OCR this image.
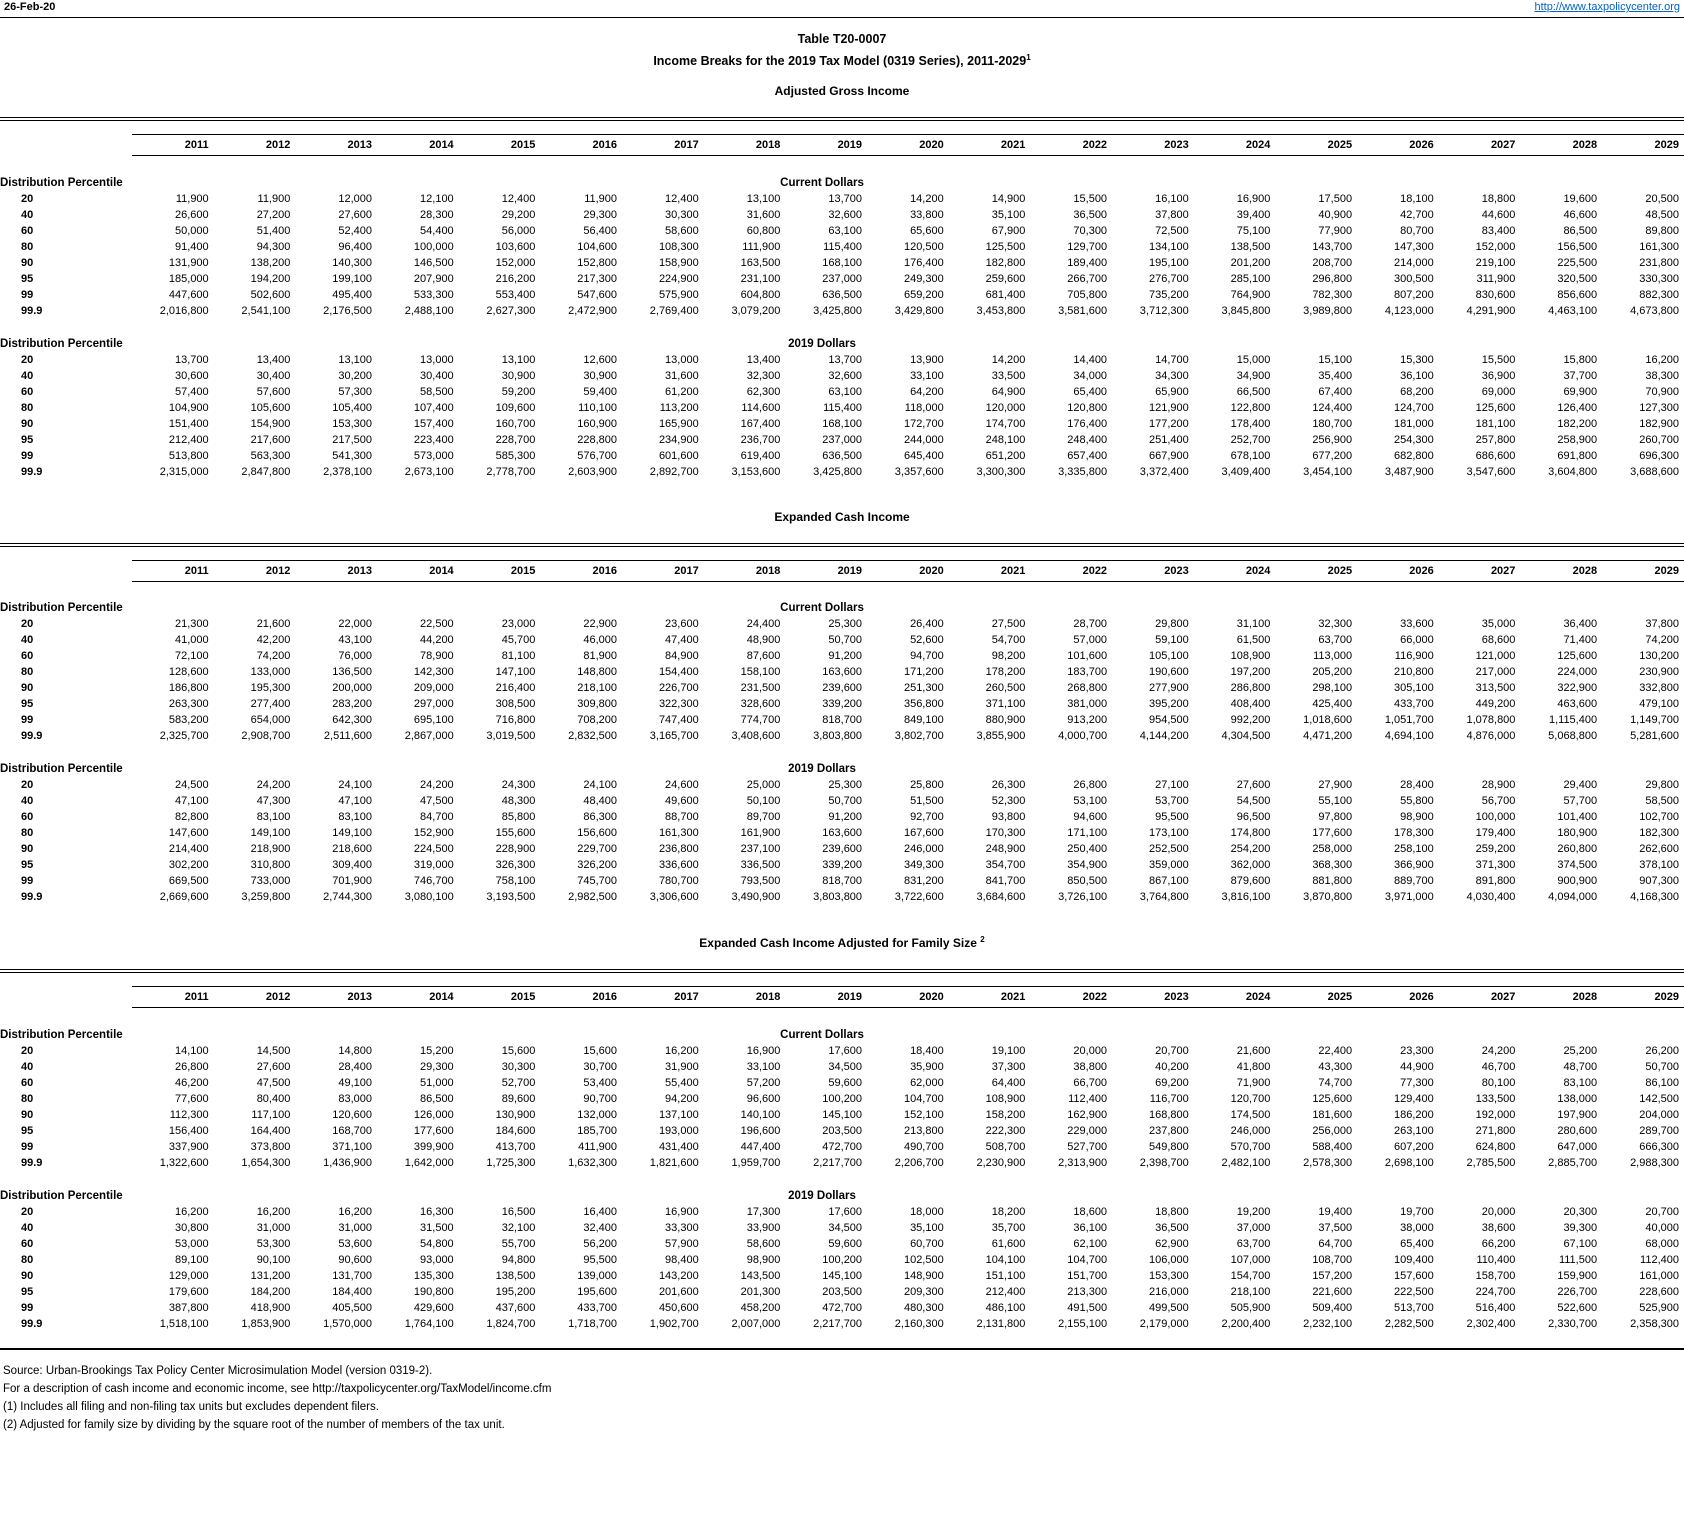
26-Feb-20	http://www.taxpolicycenter.org
Table T20-0007
Income Breaks for the 2019 Tax Model (0319 Series), 2011-2029$^1$
Adjusted Gross Income
	2011	2012	2013	2014	2015	2016	2017	2018	2019	2020	2021	2022	2023	2024	2025	2026	2027	2028	2029

Distribution Percentile	Current Dollars																		

20	11,900	11,900	12,000	12,100	12,400	11,900	12,400	13,100	13,700	14,200	14,900	15,500	16,100	16,900	17,500	18,100	18,800	19,600	20,500
40	26,600	27,200	27,600	28,300	29,200	29,300	30,300	31,600	32,600	33,800	35,100	36,500	37,800	39,400	40,900	42,700	44,600	46,600	48,500
60	50,000	51,400	52,400	54,400	56,000	56,400	58,600	60,800	63,100	65,600	67,900	70,300	72,500	75,100	77,900	80,700	83,400	86,500	89,800
80	91,400	94,300	96,400	100,000	103,600	104,600	108,300	111,900	115,400	120,500	125,500	129,700	134,100	138,500	143,700	147,300	152,000	156,500	161,300
90	131,900	138,200	140,300	146,500	152,000	152,800	158,900	163,500	168,100	176,400	182,800	189,400	195,100	201,200	208,700	214,000	219,100	225,500	231,800
95	185,000	194,200	199,100	207,900	216,200	217,300	224,900	231,100	237,000	249,300	259,600	266,700	276,700	285,100	296,800	300,500	311,900	320,500	330,300
99	447,600	502,600	495,400	533,300	553,400	547,600	575,900	604,800	636,500	659,200	681,400	705,800	735,200	764,900	782,300	807,200	830,600	856,600	882,300
99.9	2,016,800	2,541,100	2,176,500	2,488,100	2,627,300	2,472,900	2,769,400	3,079,200	3,425,800	3,429,800	3,453,800	3,581,600	3,712,300	3,845,800	3,989,800	4,123,000	4,291,900	4,463,100	4,673,800

Distribution Percentile	2019 Dollars																		

20	13,700	13,400	13,100	13,000	13,100	12,600	13,000	13,400	13,700	13,900	14,200	14,400	14,700	15,000	15,100	15,300	15,500	15,800	16,200
40	30,600	30,400	30,200	30,400	30,900	30,900	31,600	32,300	32,600	33,100	33,500	34,000	34,300	34,900	35,400	36,100	36,900	37,700	38,300
60	57,400	57,600	57,300	58,500	59,200	59,400	61,200	62,300	63,100	64,200	64,900	65,400	65,900	66,500	67,400	68,200	69,000	69,900	70,900
80	104,900	105,600	105,400	107,400	109,600	110,100	113,200	114,600	115,400	118,000	120,000	120,800	121,900	122,800	124,400	124,700	125,600	126,400	127,300
90	151,400	154,900	153,300	157,400	160,700	160,900	165,900	167,400	168,100	172,700	174,700	176,400	177,200	178,400	180,700	181,000	181,100	182,200	182,900
95	212,400	217,600	217,500	223,400	228,700	228,800	234,900	236,700	237,000	244,000	248,100	248,400	251,400	252,700	256,900	254,300	257,800	258,900	260,700
99	513,800	563,300	541,300	573,000	585,300	576,700	601,600	619,400	636,500	645,400	651,200	657,400	667,900	678,100	677,200	682,800	686,600	691,800	696,300
99.9	2,315,000	2,847,800	2,378,100	2,673,100	2,778,700	2,603,900	2,892,700	3,153,600	3,425,800	3,357,600	3,300,300	3,335,800	3,372,400	3,409,400	3,454,100	3,487,900	3,547,600	3,604,800	3,688,600
Expanded Cash Income
	2011	2012	2013	2014	2015	2016	2017	2018	2019	2020	2021	2022	2023	2024	2025	2026	2027	2028	2029

Distribution Percentile	Current Dollars																		

20	21,300	21,600	22,000	22,500	23,000	22,900	23,600	24,400	25,300	26,400	27,500	28,700	29,800	31,100	32,300	33,600	35,000	36,400	37,800
40	41,000	42,200	43,100	44,200	45,700	46,000	47,400	48,900	50,700	52,600	54,700	57,000	59,100	61,500	63,700	66,000	68,600	71,400	74,200
60	72,100	74,200	76,000	78,900	81,100	81,900	84,900	87,600	91,200	94,700	98,200	101,600	105,100	108,900	113,000	116,900	121,000	125,600	130,200
80	128,600	133,000	136,500	142,300	147,100	148,800	154,400	158,100	163,600	171,200	178,200	183,700	190,600	197,200	205,200	210,800	217,000	224,000	230,900
90	186,800	195,300	200,000	209,000	216,400	218,100	226,700	231,500	239,600	251,300	260,500	268,800	277,900	286,800	298,100	305,100	313,500	322,900	332,800
95	263,300	277,400	283,200	297,000	308,500	309,800	322,300	328,600	339,200	356,800	371,100	381,000	395,200	408,400	425,400	433,700	449,200	463,600	479,100
99	583,200	654,000	642,300	695,100	716,800	708,200	747,400	774,700	818,700	849,100	880,900	913,200	954,500	992,200	1,018,600	1,051,700	1,078,800	1,115,400	1,149,700
99.9	2,325,700	2,908,700	2,511,600	2,867,000	3,019,500	2,832,500	3,165,700	3,408,600	3,803,800	3,802,700	3,855,900	4,000,700	4,144,200	4,304,500	4,471,200	4,694,100	4,876,000	5,068,800	5,281,600

Distribution Percentile	2019 Dollars																		

20	24,500	24,200	24,100	24,200	24,300	24,100	24,600	25,000	25,300	25,800	26,300	26,800	27,100	27,600	27,900	28,400	28,900	29,400	29,800
40	47,100	47,300	47,100	47,500	48,300	48,400	49,600	50,100	50,700	51,500	52,300	53,100	53,700	54,500	55,100	55,800	56,700	57,700	58,500
60	82,800	83,100	83,100	84,700	85,800	86,300	88,700	89,700	91,200	92,700	93,800	94,600	95,500	96,500	97,800	98,900	100,000	101,400	102,700
80	147,600	149,100	149,100	152,900	155,600	156,600	161,300	161,900	163,600	167,600	170,300	171,100	173,100	174,800	177,600	178,300	179,400	180,900	182,300
90	214,400	218,900	218,600	224,500	228,900	229,700	236,800	237,100	239,600	246,000	248,900	250,400	252,500	254,200	258,000	258,100	259,200	260,800	262,600
95	302,200	310,800	309,400	319,000	326,300	326,200	336,600	336,500	339,200	349,300	354,700	354,900	359,000	362,000	368,300	366,900	371,300	374,500	378,100
99	669,500	733,000	701,900	746,700	758,100	745,700	780,700	793,500	818,700	831,200	841,700	850,500	867,100	879,600	881,800	889,700	891,800	900,900	907,300
99.9	2,669,600	3,259,800	2,744,300	3,080,100	3,193,500	2,982,500	3,306,600	3,490,900	3,803,800	3,722,600	3,684,600	3,726,100	3,764,800	3,816,100	3,870,800	3,971,000	4,030,400	4,094,000	4,168,300
Expanded Cash Income Adjusted for Family Size $^2$
	2011	2012	2013	2014	2015	2016	2017	2018	2019	2020	2021	2022	2023	2024	2025	2026	2027	2028	2029

Distribution Percentile	Current Dollars																		

20	14,100	14,500	14,800	15,200	15,600	15,600	16,200	16,900	17,600	18,400	19,100	20,000	20,700	21,600	22,400	23,300	24,200	25,200	26,200
40	26,800	27,600	28,400	29,300	30,300	30,700	31,900	33,100	34,500	35,900	37,300	38,800	40,200	41,800	43,300	44,900	46,700	48,700	50,700
60	46,200	47,500	49,100	51,000	52,700	53,400	55,400	57,200	59,600	62,000	64,400	66,700	69,200	71,900	74,700	77,300	80,100	83,100	86,100
80	77,600	80,400	83,000	86,500	89,600	90,700	94,200	96,600	100,200	104,700	108,900	112,400	116,700	120,700	125,600	129,400	133,500	138,000	142,500
90	112,300	117,100	120,600	126,000	130,900	132,000	137,100	140,100	145,100	152,100	158,200	162,900	168,800	174,500	181,600	186,200	192,000	197,900	204,000
95	156,400	164,400	168,700	177,600	184,600	185,700	193,000	196,600	203,500	213,800	222,300	229,000	237,800	246,000	256,000	263,100	271,800	280,600	289,700
99	337,900	373,800	371,100	399,900	413,700	411,900	431,400	447,400	472,700	490,700	508,700	527,700	549,800	570,700	588,400	607,200	624,800	647,000	666,300
99.9	1,322,600	1,654,300	1,436,900	1,642,000	1,725,300	1,632,300	1,821,600	1,959,700	2,217,700	2,206,700	2,230,900	2,313,900	2,398,700	2,482,100	2,578,300	2,698,100	2,785,500	2,885,700	2,988,300

Distribution Percentile	2019 Dollars																		

20	16,200	16,200	16,200	16,300	16,500	16,400	16,900	17,300	17,600	18,000	18,200	18,600	18,800	19,200	19,400	19,700	20,000	20,300	20,700
40	30,800	31,000	31,000	31,500	32,100	32,400	33,300	33,900	34,500	35,100	35,700	36,100	36,500	37,000	37,500	38,000	38,600	39,300	40,000
60	53,000	53,300	53,600	54,800	55,700	56,200	57,900	58,600	59,600	60,700	61,600	62,100	62,900	63,700	64,700	65,400	66,200	67,100	68,000
80	89,100	90,100	90,600	93,000	94,800	95,500	98,400	98,900	100,200	102,500	104,100	104,700	106,000	107,000	108,700	109,400	110,400	111,500	112,400
90	129,000	131,200	131,700	135,300	138,500	139,000	143,200	143,500	145,100	148,900	151,100	151,700	153,300	154,700	157,200	157,600	158,700	159,900	161,000
95	179,600	184,200	184,400	190,800	195,200	195,600	201,600	201,300	203,500	209,300	212,400	213,300	216,000	218,100	221,600	222,500	224,700	226,700	228,600
99	387,800	418,900	405,500	429,600	437,600	433,700	450,600	458,200	472,700	480,300	486,100	491,500	499,500	505,900	509,400	513,700	516,400	522,600	525,900
99.9	1,518,100	1,853,900	1,570,000	1,764,100	1,824,700	1,718,700	1,902,700	2,007,000	2,217,700	2,160,300	2,131,800	2,155,100	2,179,000	2,200,400	2,232,100	2,282,500	2,302,400	2,330,700	2,358,300
Source: Urban-Brookings Tax Policy Center Microsimulation Model (version 0319-2).
For a description of cash income and economic income, see http://taxpolicycenter.org/TaxModel/income.cfm
(1) Includes all filing and non-filing tax units but excludes dependent filers.
(2) Adjusted for family size by dividing by the square root of the number of members of the tax unit.
